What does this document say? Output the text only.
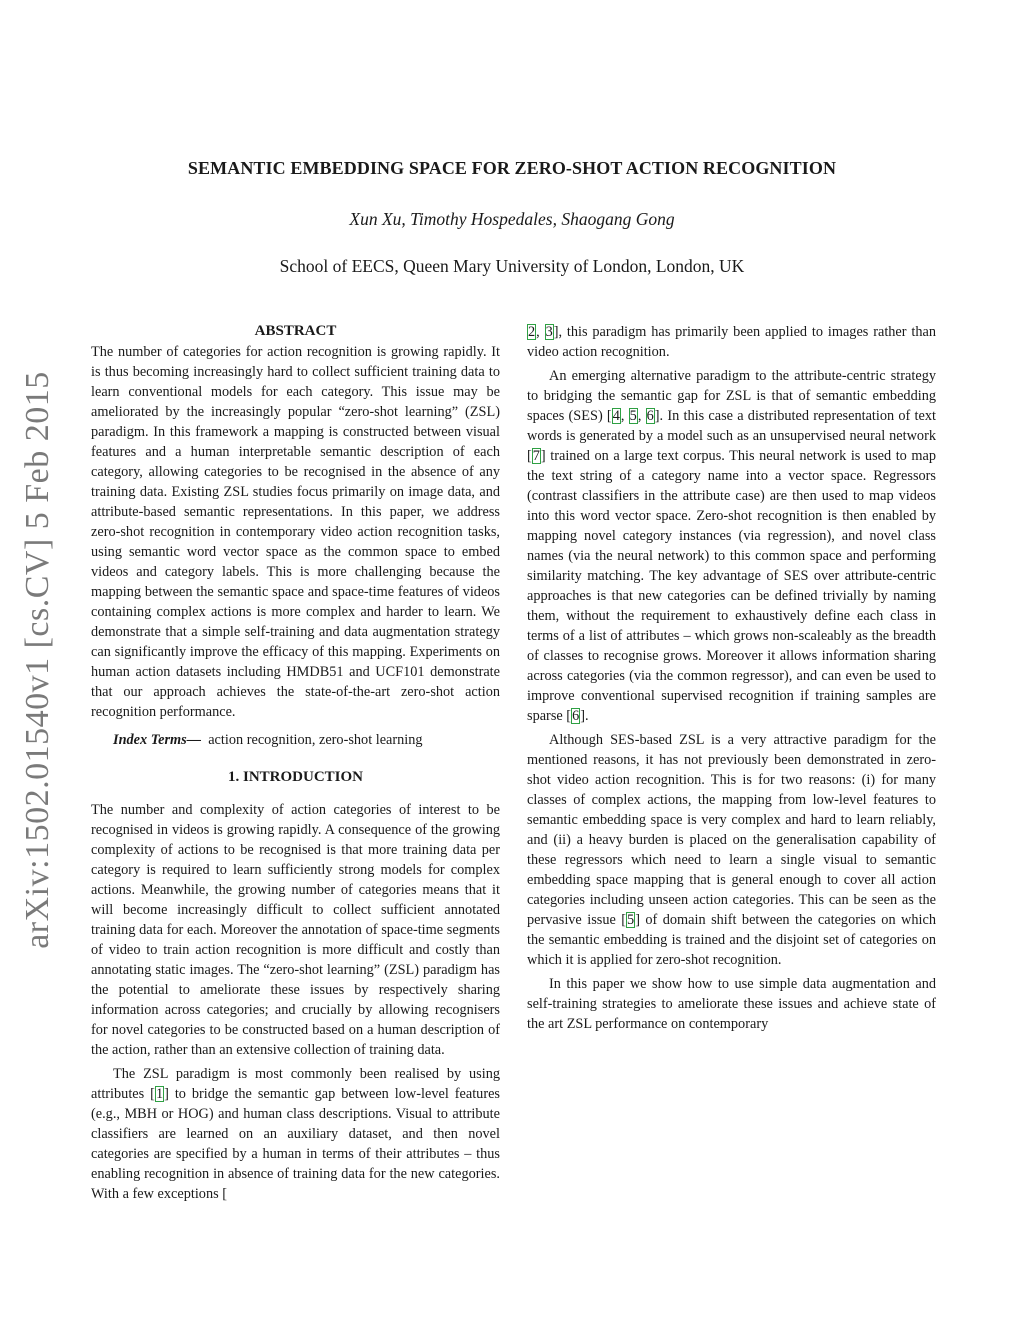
arXiv:1502.01540v1 [cs.CV] 5 Feb 2015
SEMANTIC EMBEDDING SPACE FOR ZERO-SHOT ACTION RECOGNITION
Xun Xu, Timothy Hospedales, Shaogang Gong
School of EECS, Queen Mary University of London, London, UK
ABSTRACT

The number of categories for action recognition is growing rapidly. It is thus becoming increasingly hard to collect sufficient training data to learn conventional models for each category. This issue may be ameliorated by the increasingly popular “zero-shot learning” (ZSL) paradigm. In this framework a mapping is constructed between visual features and a human interpretable semantic description of each category, allowing categories to be recognised in the absence of any training data. Existing ZSL studies focus primarily on image data, and attribute-based semantic representations. In this paper, we address zero-shot recognition in contemporary video action recognition tasks, using semantic word vector space as the common space to embed videos and category labels. This is more challenging because the mapping between the semantic space and space-time features of videos containing complex actions is more complex and harder to learn. We demonstrate that a simple self-training and data augmentation strategy can significantly improve the efficacy of this mapping. Experiments on human action datasets including HMDB51 and UCF101 demonstrate that our approach achieves the state-of-the-art zero-shot action recognition performance.

Index Terms— action recognition, zero-shot learning

1. INTRODUCTION

The number and complexity of action categories of interest to be recognised in videos is growing rapidly. A consequence of the growing complexity of actions to be recognised is that more training data per category is required to learn sufficiently strong models for complex actions. Meanwhile, the growing number of categories means that it will become increasingly difficult to collect sufficient annotated training data for each. Moreover the annotation of space-time segments of video to train action recognition is more difficult and costly than annotating static images. The “zero-shot learning” (ZSL) paradigm has the potential to ameliorate these issues by respectively sharing information across categories; and crucially by allowing recognisers for novel categories to be constructed based on a human description of the action, rather than an extensive collection of training data.

The ZSL paradigm is most commonly been realised by using attributes [1] to bridge the semantic gap between low-level features (e.g., MBH or HOG) and human class descriptions. Visual to attribute classifiers are learned on an auxiliary dataset, and then novel categories are specified by a human in terms of their attributes – thus enabling recognition in absence of training data for the new categories. With a few exceptions [

2, 3], this paradigm has primarily been applied to images rather than video action recognition.

An emerging alternative paradigm to the attribute-centric strategy to bridging the semantic gap for ZSL is that of semantic embedding spaces (SES) [4, 5, 6]. In this case a distributed representation of text words is generated by a model such as an unsupervised neural network [7] trained on a large text corpus. This neural network is used to map the text string of a category name into a vector space. Regressors (contrast classifiers in the attribute case) are then used to map videos into this word vector space. Zero-shot recognition is then enabled by mapping novel category instances (via regression), and novel class names (via the neural network) to this common space and performing similarity matching. The key advantage of SES over attribute-centric approaches is that new categories can be defined trivially by naming them, without the requirement to exhaustively define each class in terms of a list of attributes – which grows non-scaleably as the breadth of classes to recognise grows. Moreover it allows information sharing across categories (via the common regressor), and can even be used to improve conventional supervised recognition if training samples are sparse [6].

Although SES-based ZSL is a very attractive paradigm for the mentioned reasons, it has not previously been demonstrated in zero-shot video action recognition. This is for two reasons: (i) for many classes of complex actions, the mapping from low-level features to semantic embedding space is very complex and hard to learn reliably, and (ii) a heavy burden is placed on the generalisation capability of these regressors which need to learn a single visual to semantic embedding space mapping that is general enough to cover all action categories including unseen action categories. This can be seen as the pervasive issue [5] of domain shift between the categories on which the semantic embedding is trained and the disjoint set of categories on which it is applied for zero-shot recognition.

In this paper we show how to use simple data augmentation and self-training strategies to ameliorate these issues and achieve state of the art ZSL performance on contemporary
